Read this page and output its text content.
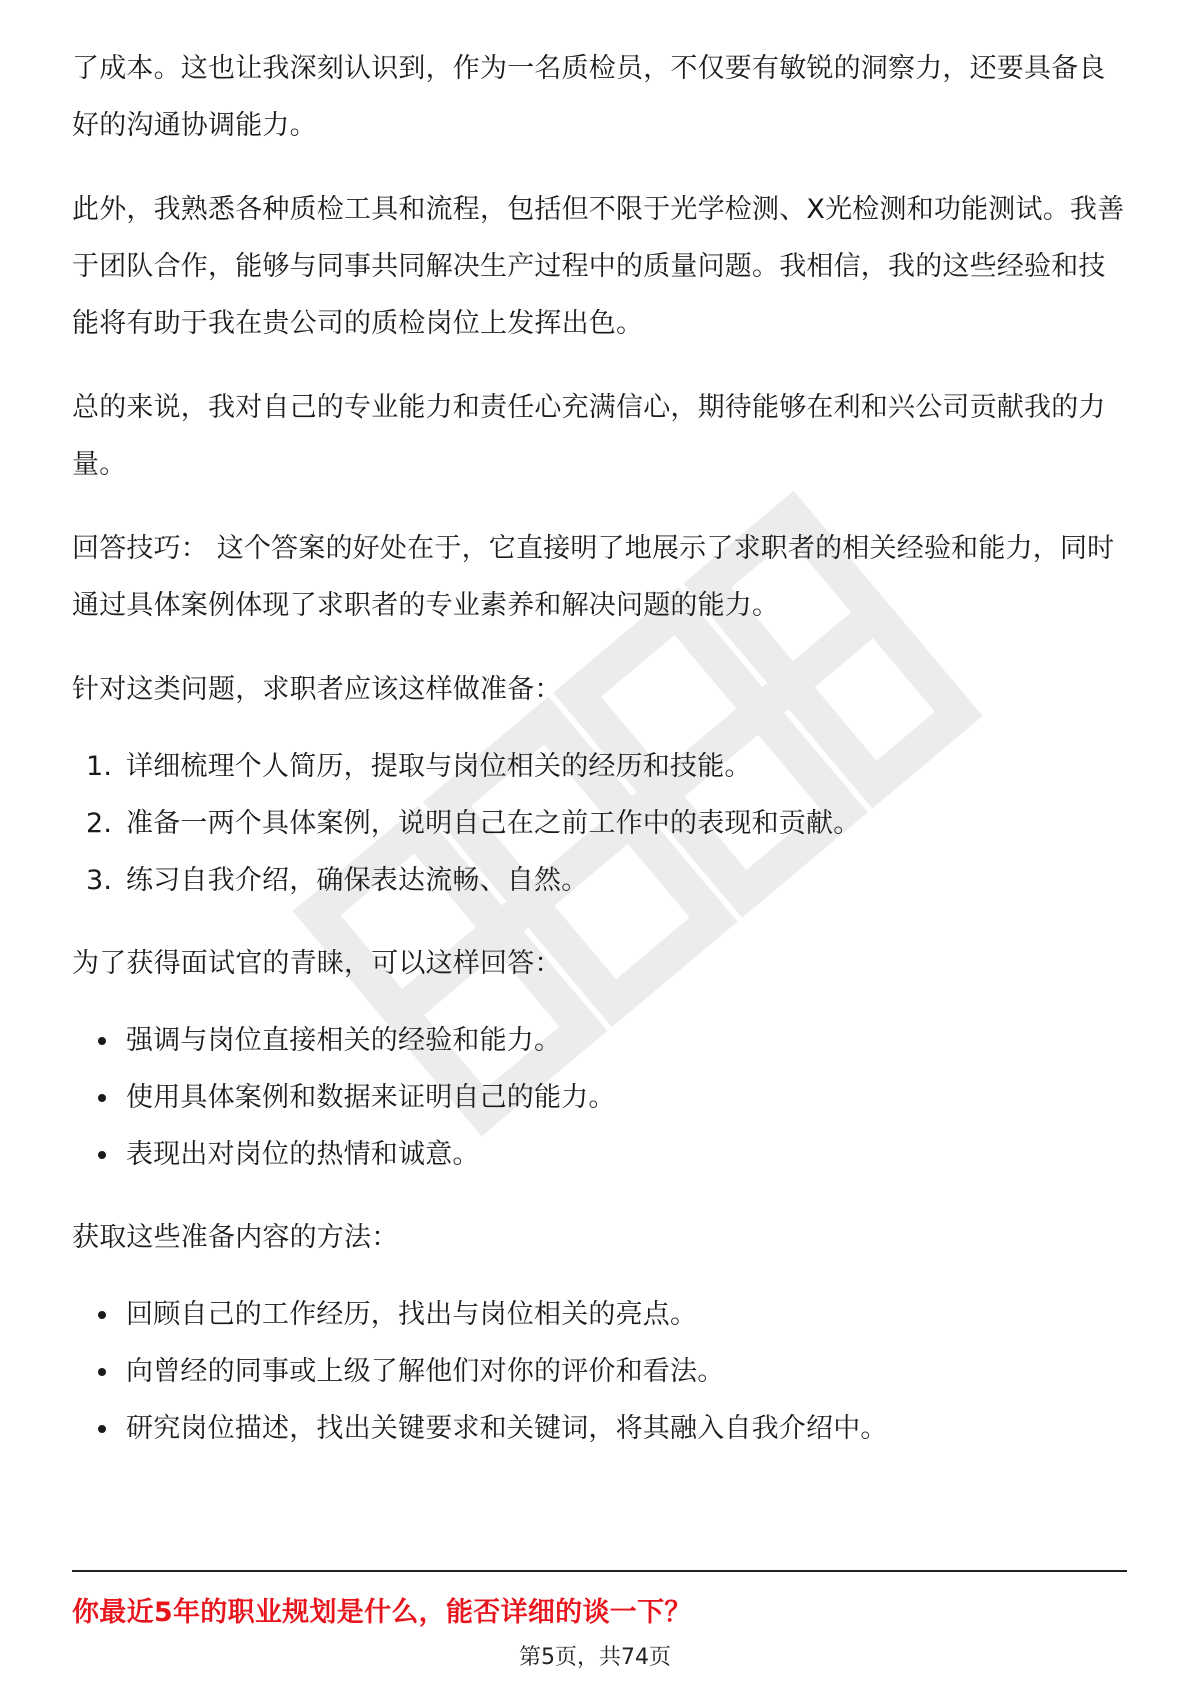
了成本。这也让我深刻认识到，作为一名质检员，不仅要有敏锐的洞察力，还要具备良好的沟通协调能力。

此外，我熟悉各种质检工具和流程，包括但不限于光学检测、X光检测和功能测试。我善于团队合作，能够与同事共同解决生产过程中的质量问题。我相信，我的这些经验和技能将有助于我在贵公司的质检岗位上发挥出色。

总的来说，我对自己的专业能力和责任心充满信心，期待能够在利和兴公司贡献我的力量。

回答技巧： 这个答案的好处在于，它直接明了地展示了求职者的相关经验和能力，同时通过具体案例体现了求职者的专业素养和解决问题的能力。

针对这类问题，求职者应该这样做准备：

1. 详细梳理个人简历，提取与岗位相关的经历和技能。
2. 准备一两个具体案例，说明自己在之前工作中的表现和贡献。
3. 练习自我介绍，确保表达流畅、自然。

为了获得面试官的青睐，可以这样回答：

强调与岗位直接相关的经验和能力。
使用具体案例和数据来证明自己的能力。
表现出对岗位的热情和诚意。

获取这些准备内容的方法：

回顾自己的工作经历，找出与岗位相关的亮点。
向曾经的同事或上级了解他们对你的评价和看法。
研究岗位描述，找出关键要求和关键词，将其融入自我介绍中。
你最近5年的职业规划是什么，能否详细的谈一下？
第5页，共74页
